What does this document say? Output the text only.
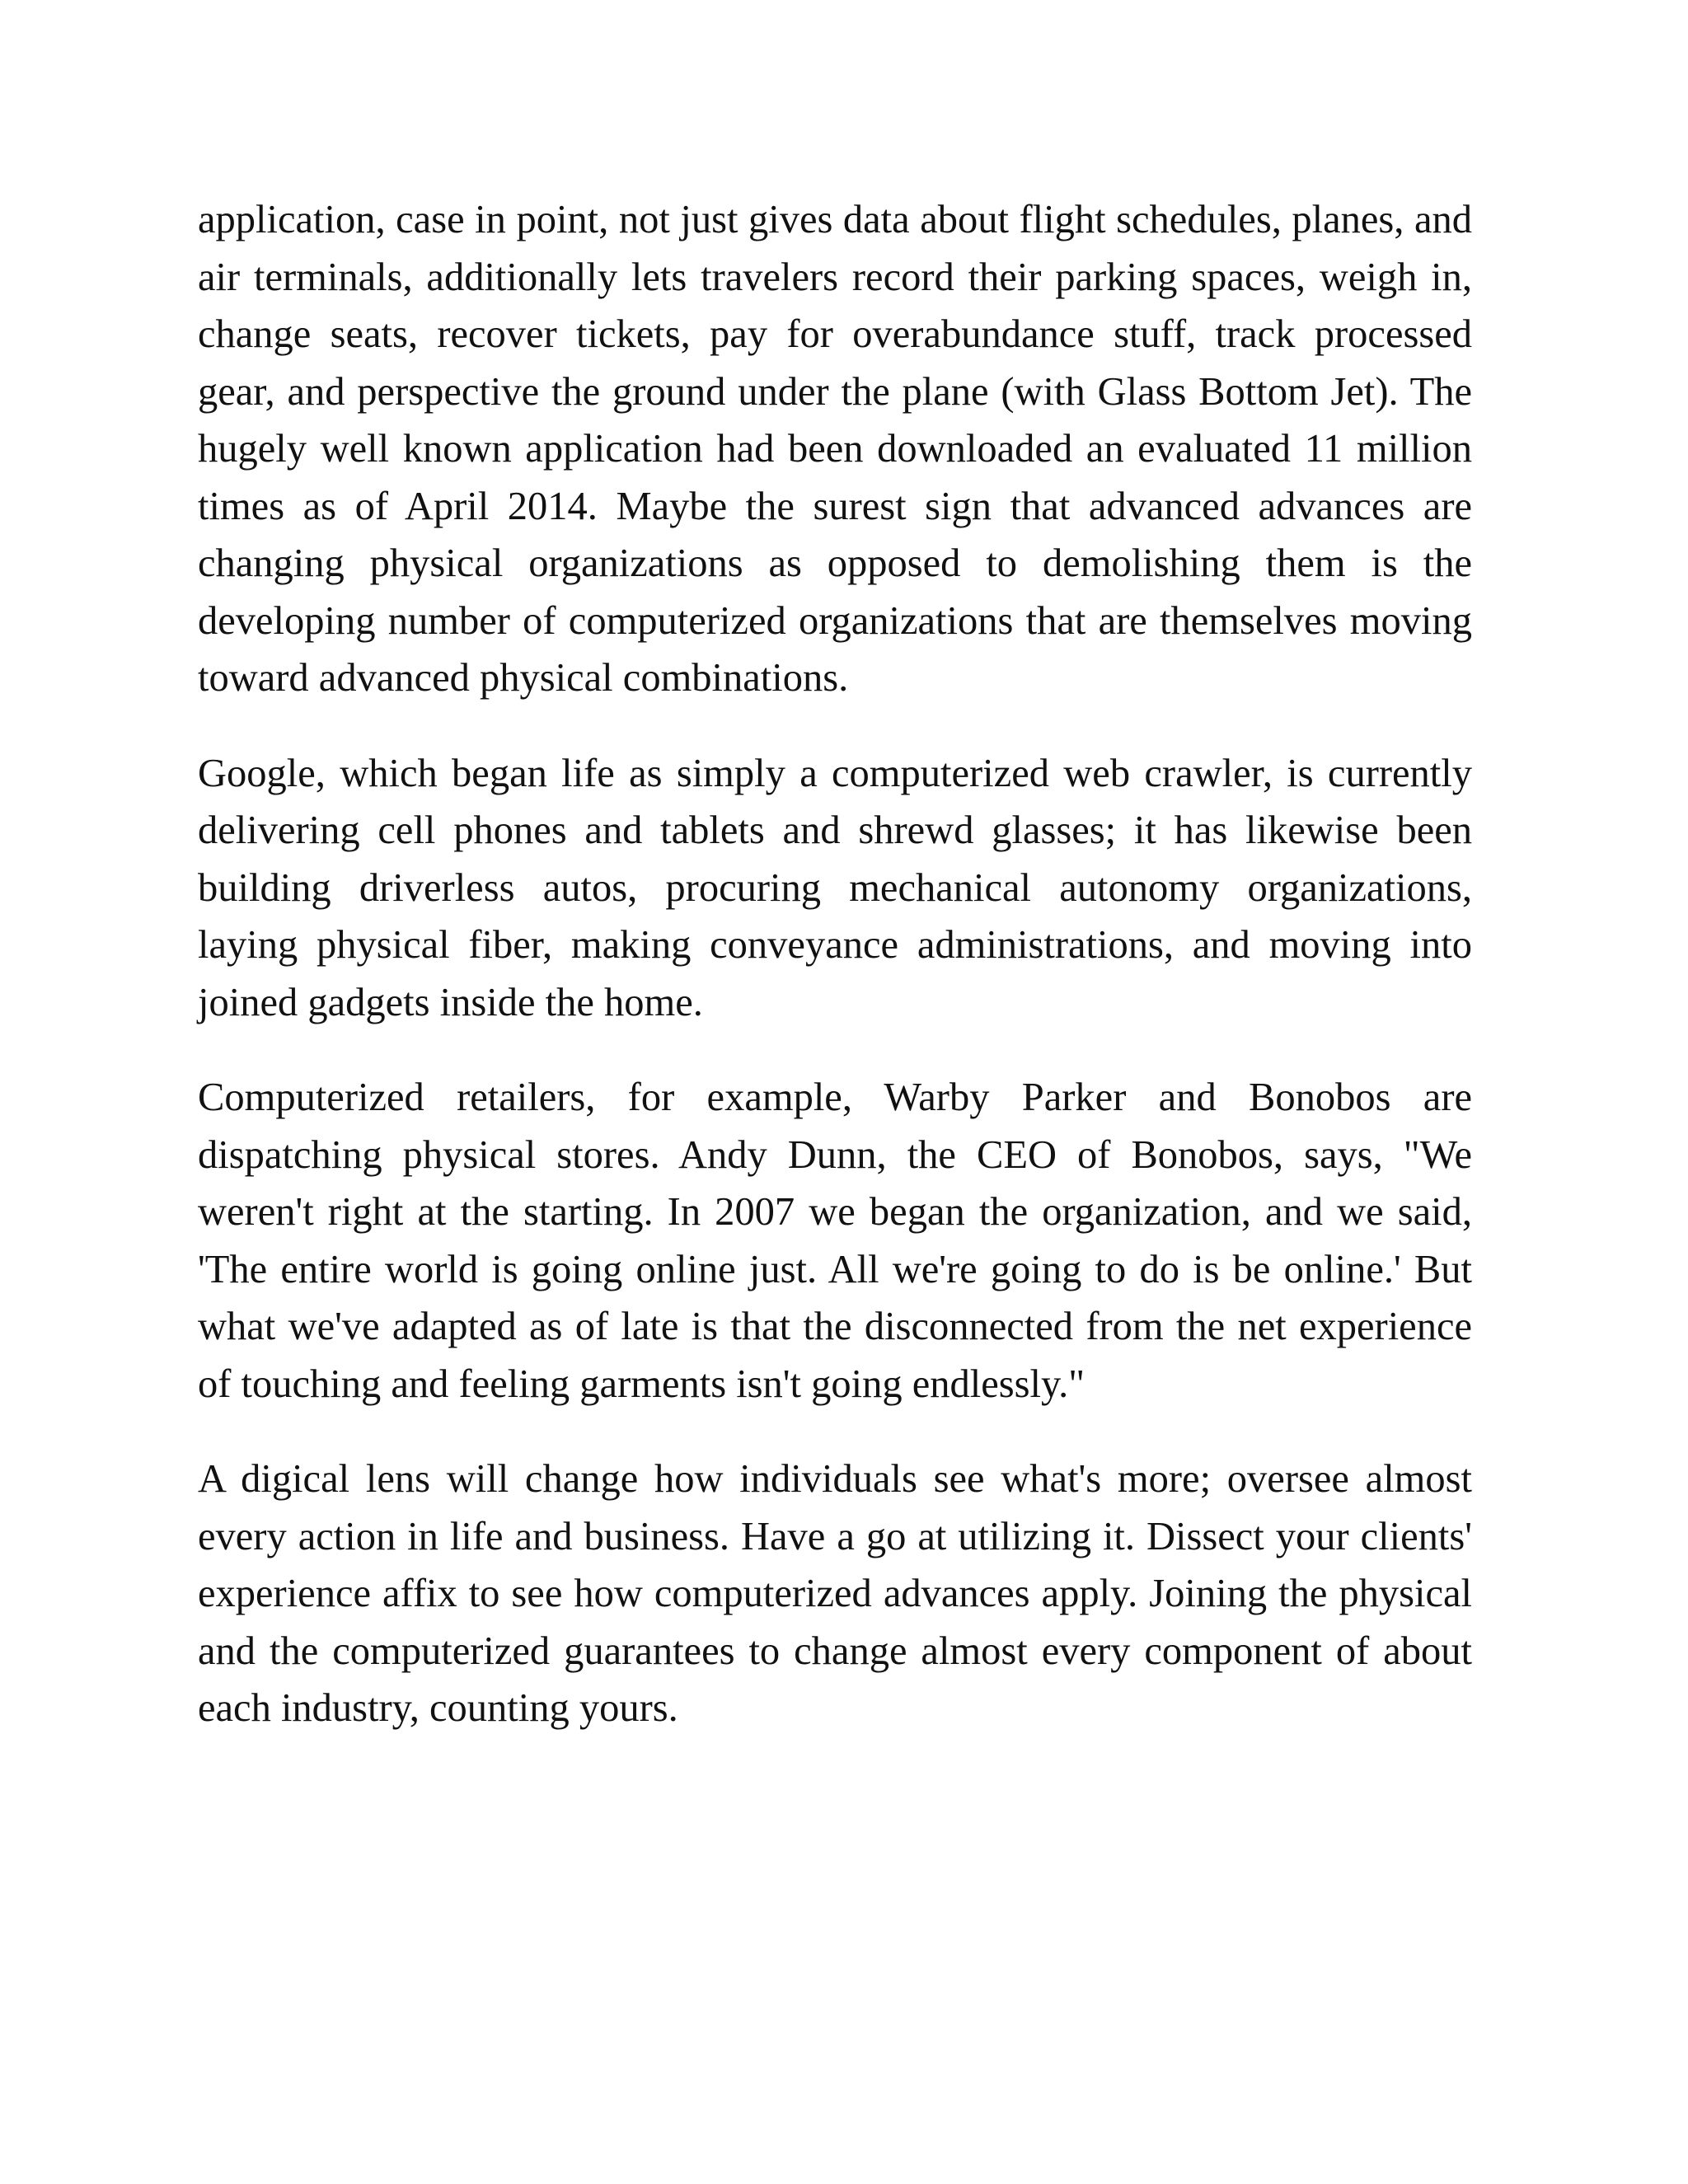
application, case in point, not just gives data about flight schedules, planes, and air terminals, additionally lets travelers record their parking spaces, weigh in, change seats, recover tickets, pay for overabundance stuff, track processed gear, and perspective the ground under the plane (with Glass Bottom Jet). The hugely well known application had been downloaded an evaluated 11 million times as of April 2014. Maybe the surest sign that advanced advances are changing physical organizations as opposed to demolishing them is the developing number of computerized organizations that are themselves moving toward advanced physical combinations.

Google, which began life as simply a computerized web crawler, is currently delivering cell phones and tablets and shrewd glasses; it has likewise been building driverless autos, procuring mechanical autonomy organizations, laying physical fiber, making conveyance administrations, and moving into joined gadgets inside the home.

Computerized retailers, for example, Warby Parker and Bonobos are dispatching physical stores. Andy Dunn, the CEO of Bonobos, says, "We weren't right at the starting. In 2007 we began the organization, and we said, 'The entire world is going online just. All we're going to do is be online.' But what we've adapted as of late is that the disconnected from the net experience of touching and feeling garments isn't going endlessly."

A digical lens will change how individuals see what's more; oversee almost every action in life and business. Have a go at utilizing it. Dissect your clients' experience affix to see how computerized advances apply. Joining the physical and the computerized guarantees to change almost every component of about each industry, counting yours.
